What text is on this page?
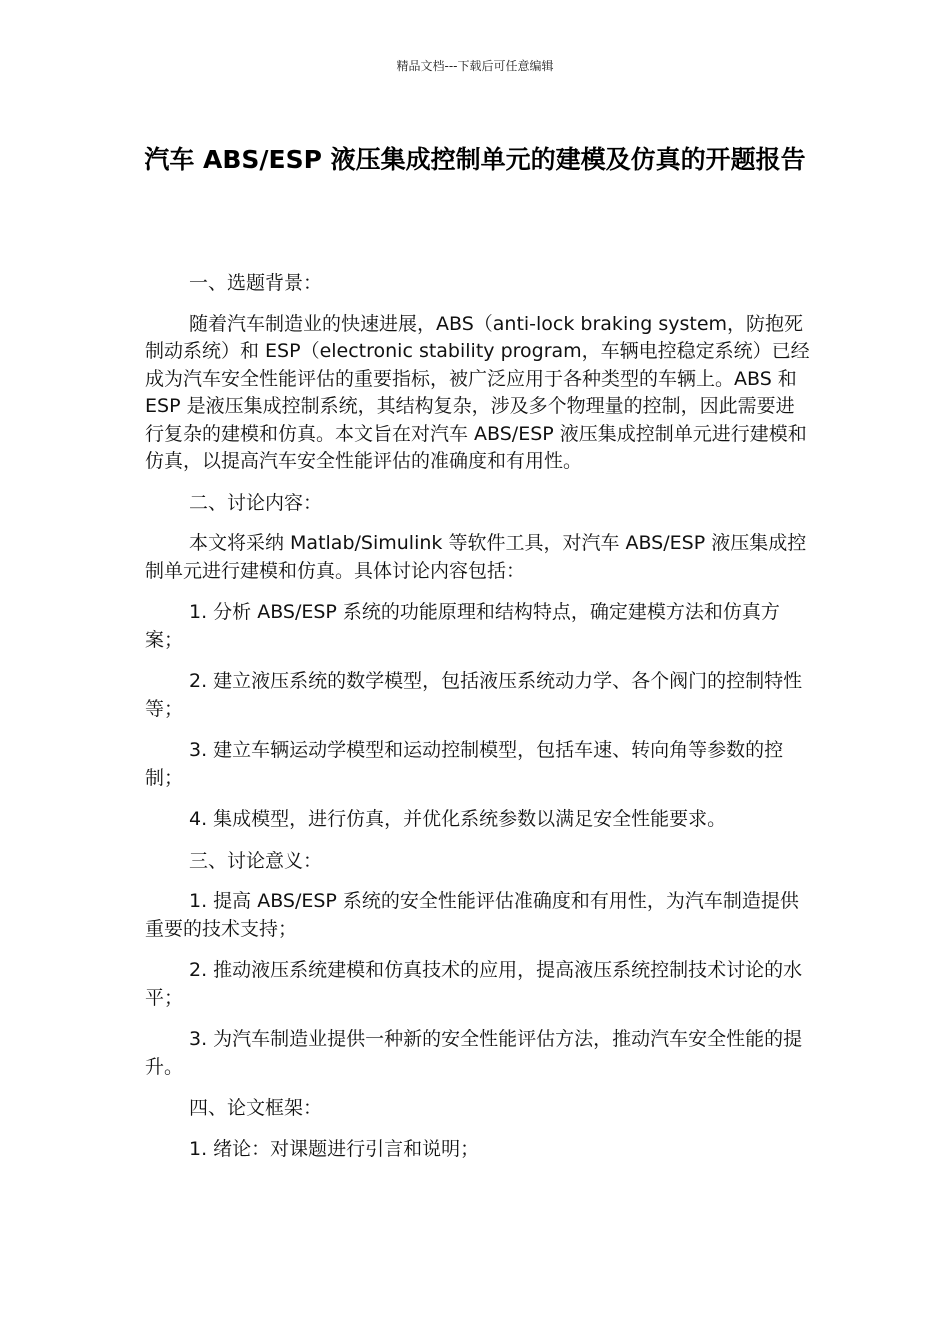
精品文档---下载后可任意编辑
汽车 ABS/ESP 液压集成控制单元的建模及仿真的开题报告

一、选题背景：

随着汽车制造业的快速进展，ABS（anti-lock braking system，防抱死制动系统）和 ESP（electronic stability program，车辆电控稳定系统）已经成为汽车安全性能评估的重要指标，被广泛应用于各种类型的车辆上。ABS 和 ESP 是液压集成控制系统，其结构复杂，涉及多个物理量的控制，因此需要进行复杂的建模和仿真。本文旨在对汽车 ABS/ESP 液压集成控制单元进行建模和仿真，以提高汽车安全性能评估的准确度和有用性。

二、讨论内容：

本文将采纳 Matlab/Simulink 等软件工具，对汽车 ABS/ESP 液压集成控制单元进行建模和仿真。具体讨论内容包括：

1. 分析 ABS/ESP 系统的功能原理和结构特点，确定建模方法和仿真方案；

2. 建立液压系统的数学模型，包括液压系统动力学、各个阀门的控制特性等；

3. 建立车辆运动学模型和运动控制模型，包括车速、转向角等参数的控制；

4. 集成模型，进行仿真，并优化系统参数以满足安全性能要求。

三、讨论意义：

1. 提高 ABS/ESP 系统的安全性能评估准确度和有用性，为汽车制造提供重要的技术支持；

2. 推动液压系统建模和仿真技术的应用，提高液压系统控制技术讨论的水平；

3. 为汽车制造业提供一种新的安全性能评估方法，推动汽车安全性能的提升。

四、论文框架：

1. 绪论：对课题进行引言和说明；
